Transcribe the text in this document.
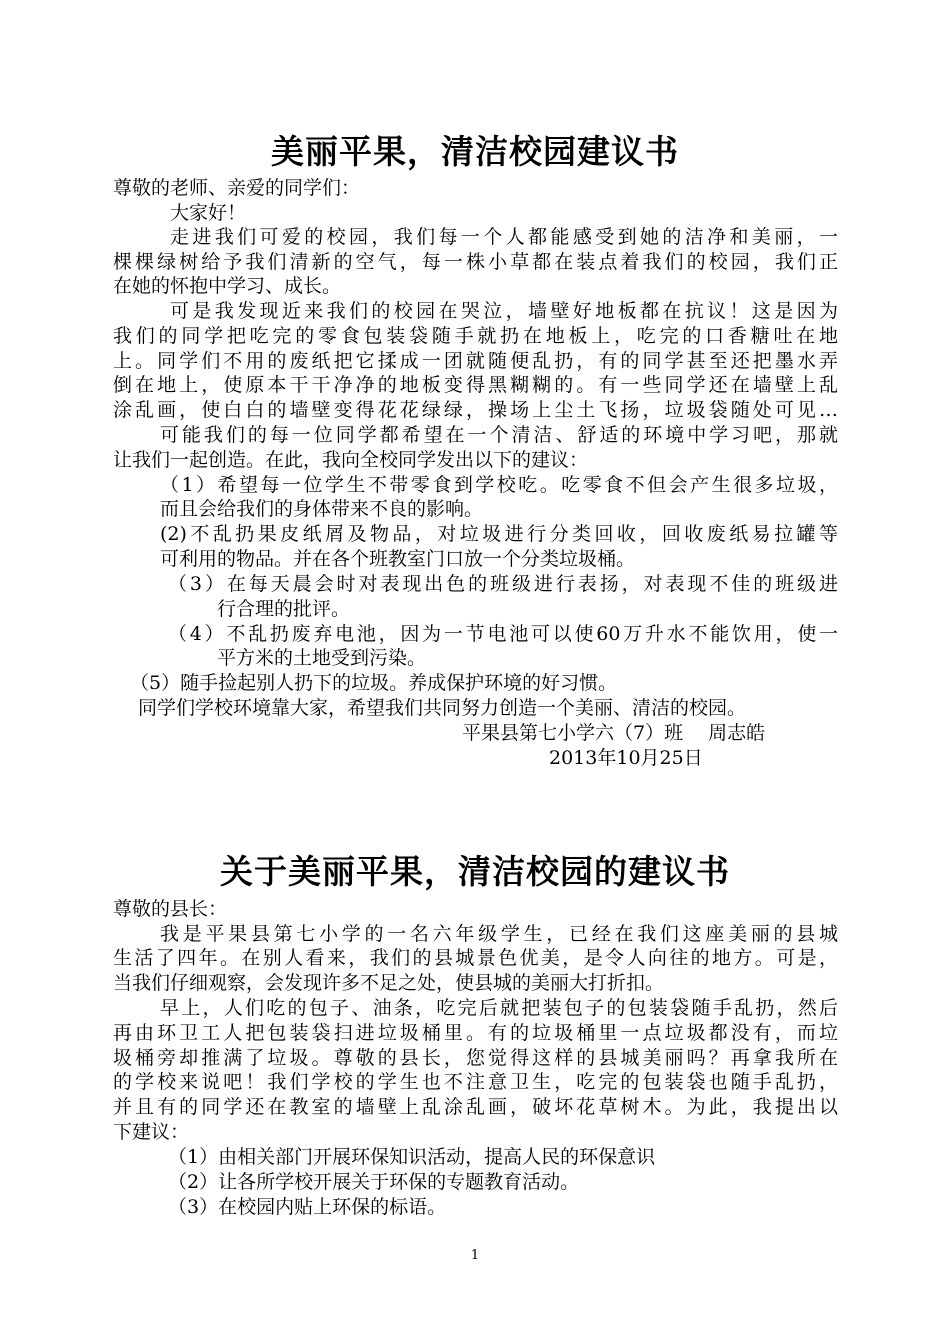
美丽平果，清洁校园建议书
尊敬的老师、亲爱的同学们：
大家好！
走进我们可爱的校园，我们每一个人都能感受到她的洁净和美丽，一
棵棵绿树给予我们清新的空气，每一株小草都在装点着我们的校园，我们正
在她的怀抱中学习、成长。
可是我发现近来我们的校园在哭泣，墙壁好地板都在抗议！这是因为
我们的同学把吃完的零食包装袋随手就扔在地板上，吃完的口香糖吐在地
上。同学们不用的废纸把它揉成一团就随便乱扔，有的同学甚至还把墨水弄
倒在地上，使原本干干净净的地板变得黑糊糊的。有一些同学还在墙壁上乱
涂乱画，使白白的墙壁变得花花绿绿，操场上尘土飞扬，垃圾袋随处可见…
可能我们的每一位同学都希望在一个清洁、舒适的环境中学习吧，那就
让我们一起创造。在此，我向全校同学发出以下的建议：
（1）希望每一位学生不带零食到学校吃。吃零食不但会产生很多垃圾，
而且会给我们的身体带来不良的影响。
(2)不乱扔果皮纸屑及物品，对垃圾进行分类回收，回收废纸易拉罐等
可利用的物品。并在各个班教室门口放一个分类垃圾桶。
（3）在每天晨会时对表现出色的班级进行表扬，对表现不佳的班级进
行合理的批评。
（4）不乱扔废弃电池，因为一节电池可以使60万升水不能饮用，使一
平方米的土地受到污染。
（5）随手捡起别人扔下的垃圾。养成保护环境的好习惯。
同学们学校环境靠大家，希望我们共同努力创造一个美丽、清洁的校园。
平果县第七小学六（7）班　 周志皓
2013年10月25日
关于美丽平果，清洁校园的建议书
尊敬的县长：
我是平果县第七小学的一名六年级学生，已经在我们这座美丽的县城
生活了四年。在别人看来，我们的县城景色优美，是令人向往的地方。可是，
当我们仔细观察，会发现许多不足之处，使县城的美丽大打折扣。
早上，人们吃的包子、油条，吃完后就把装包子的包装袋随手乱扔，然后
再由环卫工人把包装袋扫进垃圾桶里。有的垃圾桶里一点垃圾都没有，而垃
圾桶旁却推满了垃圾。尊敬的县长，您觉得这样的县城美丽吗？再拿我所在
的学校来说吧！我们学校的学生也不注意卫生，吃完的包装袋也随手乱扔，
并且有的同学还在教室的墙壁上乱涂乱画，破坏花草树木。为此，我提出以
下建议：
（1）由相关部门开展环保知识活动，提高人民的环保意识
（2）让各所学校开展关于环保的专题教育活动。
（3）在校园内贴上环保的标语。
1
